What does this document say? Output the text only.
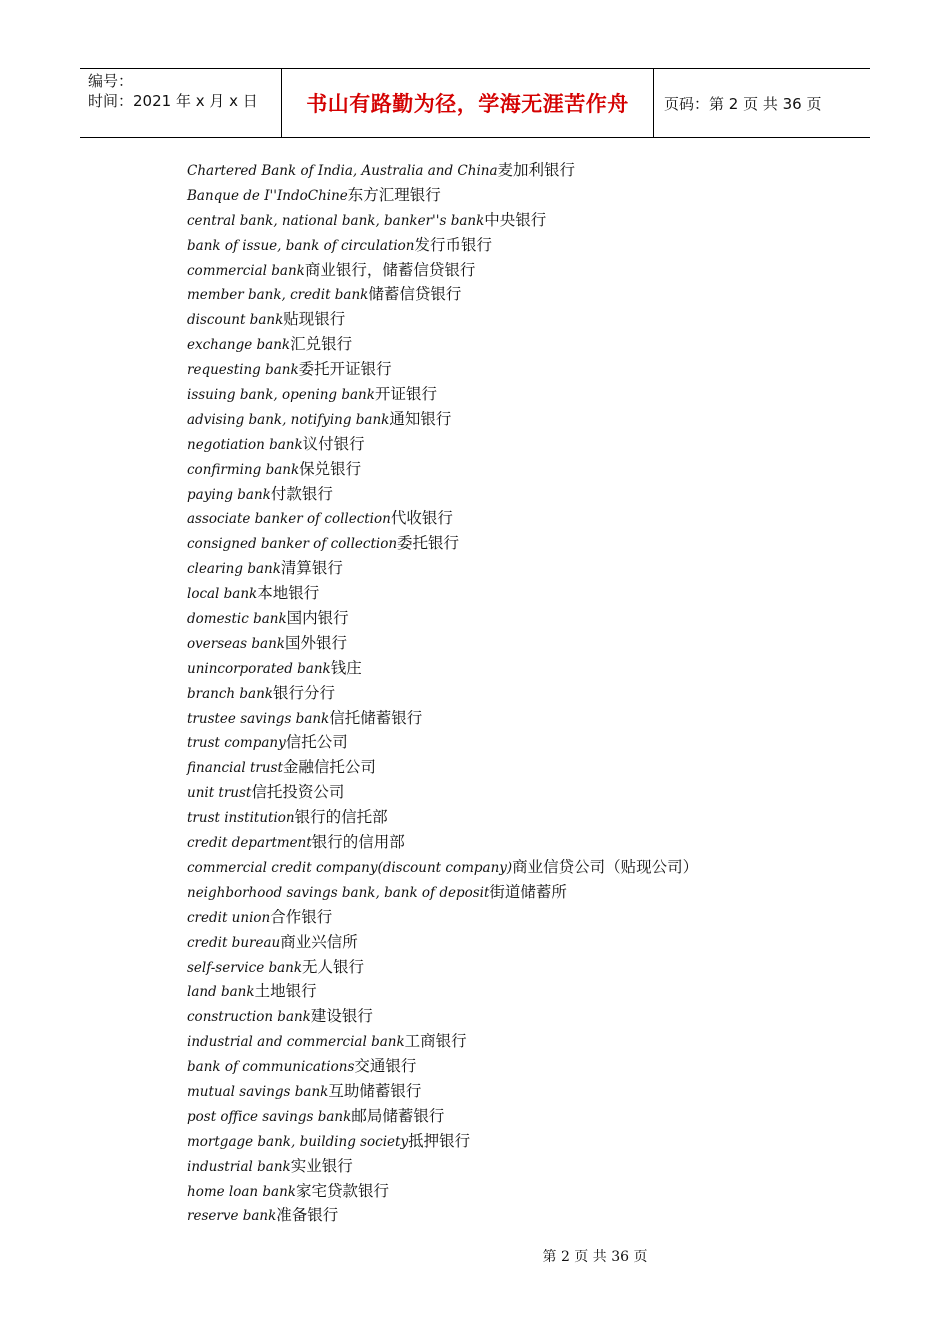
编号：
时间：2021 年 x 月 x 日	书山有路勤为径，学海无涯苦作舟 页码：第 2 页 共 36 页
Chartered Bank of India, Australia and China麦加利银行
Banque de I''IndoChine东方汇理银行
central bank, national bank, banker''s bank中央银行
bank of issue, bank of circulation发行币银行
commercial bank商业银行，储蓄信贷银行
member bank, credit bank储蓄信贷银行
discount bank贴现银行
exchange bank汇兑银行
requesting bank委托开证银行
issuing bank, opening bank开证银行
advising bank, notifying bank通知银行
negotiation bank议付银行
confirming bank保兑银行
paying bank付款银行
associate banker of collection代收银行
consigned banker of collection委托银行
clearing bank清算银行
local bank本地银行
domestic bank国内银行
overseas bank国外银行
unincorporated bank钱庄
branch bank银行分行
trustee savings bank信托储蓄银行
trust company信托公司
financial trust金融信托公司
unit trust信托投资公司
trust institution银行的信托部
credit department银行的信用部
commercial credit company(discount company)商业信贷公司（贴现公司）
neighborhood savings bank, bank of deposit街道储蓄所
credit union合作银行
credit bureau商业兴信所
self-service bank无人银行
land bank土地银行
construction bank建设银行
industrial and commercial bank工商银行
bank of communications交通银行
mutual savings bank互助储蓄银行
post office savings bank邮局储蓄银行
mortgage bank, building society抵押银行
industrial bank实业银行
home loan bank家宅贷款银行
reserve bank准备银行
第 2 页 共 36 页
